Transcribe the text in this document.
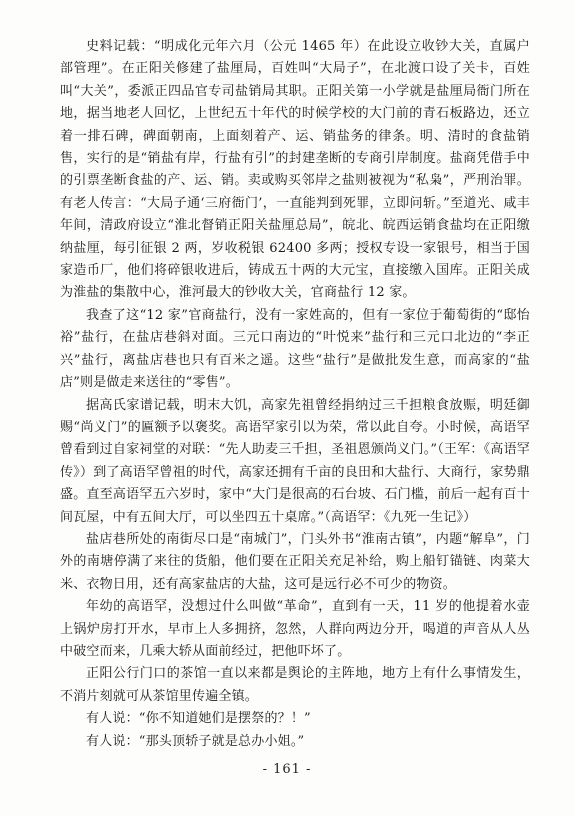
史料记载：“明成化元年六月（公元 1465 年）在此设立收钞大关，直属户部管理”。在正阳关修建了盐厘局，百姓叫“大局子”，在北渡口设了关卡，百姓叫“大关”，委派正四品官专司盐销局其职。正阳关第一小学就是盐厘局衙门所在地，据当地老人回忆，上世纪五十年代的时候学校的大门前的青石板路边，还立着一排石碑，碑面朝南，上面刻着产、运、销盐务的律条。明、清时的食盐销售，实行的是“销盐有岸，行盐有引”的封建垄断的专商引岸制度。盐商凭借手中的引票垄断食盐的产、运、销。卖或购买邻岸之盐则被视为“私枭”，严刑治罪。有老人传言：“大局子通‘三府衙门’，一直能判到死罪，立即问斩。”至道光、咸丰年间，清政府设立“淮北督销正阳关盐厘总局”，皖北、皖西运销食盐均在正阳缴纳盐厘，每引征银 2 两，岁收税银 62400 多两；授权专设一家银号，相当于国家造币厂，他们将碎银收进后，铸成五十两的大元宝，直接缴入国库。正阳关成为淮盐的集散中心，淮河最大的钞收大关，官商盐行 12 家。

我查了这“12 家”官商盐行，没有一家姓高的，但有一家位于葡萄街的“邸怡裕”盐行，在盐店巷斜对面。三元口南边的“叶悦来”盐行和三元口北边的“李正兴”盐行，离盐店巷也只有百米之遥。这些“盐行”是做批发生意，而高家的“盐店”则是做走来送往的“零售”。

据高氏家谱记载，明末大饥，高家先祖曾经捐纳过三千担粮食放赈，明廷御赐“尚义门”的匾额予以褒奖。高语罕家引以为荣，常以此自夸。小时候，高语罕曾看到过自家祠堂的对联：“先人助麦三千担，圣祖恩颁尚义门。”（王军：《高语罕传》）到了高语罕曾祖的时代，高家还拥有千亩的良田和大盐行、大商行，家势鼎盛。直至高语罕五六岁时，家中“大门是很高的石台坡、石门槛，前后一起有百十间瓦屋，中有五间大厅，可以坐四五十桌席。”（高语罕：《九死一生记》）

盐店巷所处的南街尽口是“南城门”，门头外书“淮南古镇”，内题“解阜”，门外的南塘停满了来往的货船，他们要在正阳关充足补给，购上船钉锚链、肉菜大米、衣物日用，还有高家盐店的大盐，这可是远行必不可少的物资。

年幼的高语罕，没想过什么叫做“革命”，直到有一天，11 岁的他提着水壶上锅炉房打开水，早市上人多拥挤，忽然，人群向两边分开，喝道的声音从人丛中破空而来，几乘大轿从面前经过，把他吓坏了。

正阳公行门口的茶馆一直以来都是舆论的主阵地，地方上有什么事情发生，不消片刻就可从茶馆里传遍全镇。

有人说：“你不知道她们是摆祭的？！”

有人说：“那头顶轿子就是总办小姐。”

- 161 -
